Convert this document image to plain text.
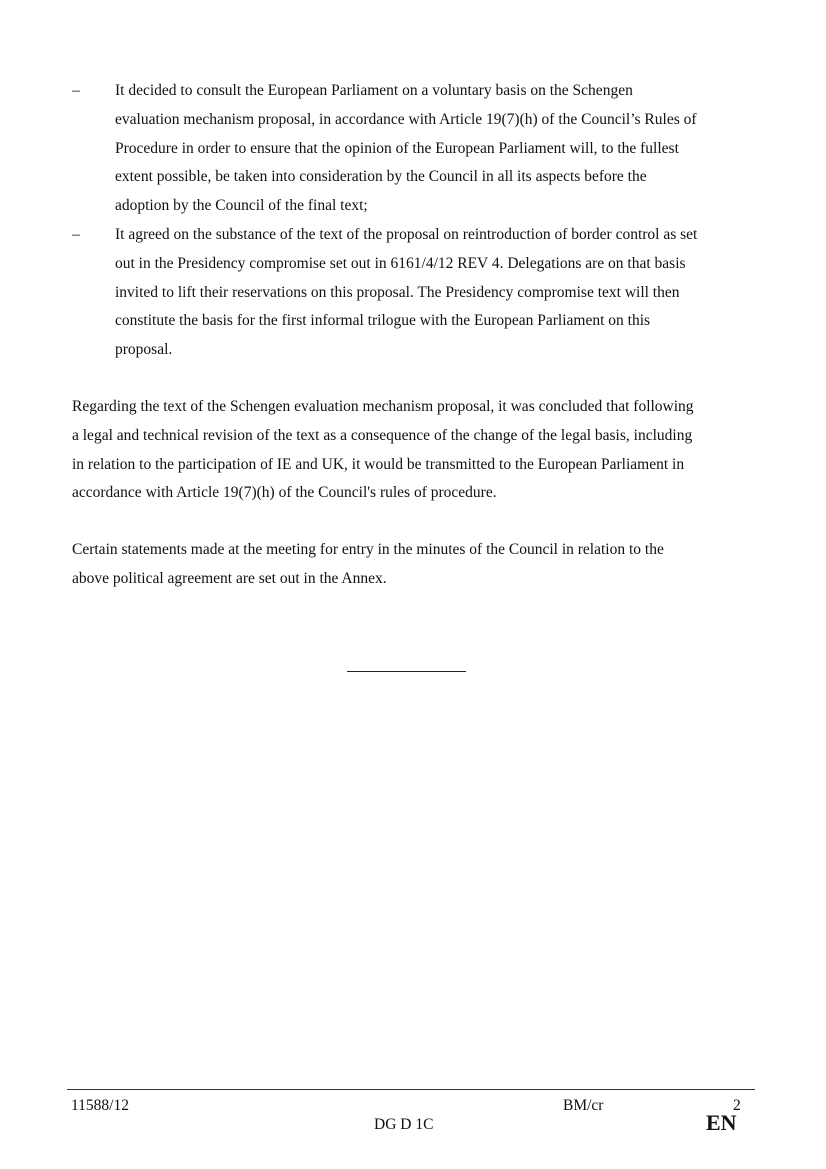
–	It decided to consult the European Parliament on a voluntary basis on the Schengen
evaluation mechanism proposal, in accordance with Article 19(7)(h) of the Council’s Rules of
Procedure in order to ensure that the opinion of the European Parliament will, to the fullest
extent possible, be taken into consideration by the Council in all its aspects before the
adoption by the Council of the final text;
–	It agreed on the substance of the text of the proposal on reintroduction of border control as set
out in the Presidency compromise set out in 6161/4/12 REV 4. Delegations are on that basis
invited to lift their reservations on this proposal. The Presidency compromise text will then
constitute the basis for the first informal trilogue with the European Parliament on this
proposal.
Regarding the text of the Schengen evaluation mechanism proposal, it was concluded that following
a legal and technical revision of the text as a consequence of the change of the legal basis, including
in relation to the participation of IE and UK, it would be transmitted to the European Parliament in
accordance with Article 19(7)(h) of the Council's rules of procedure.
Certain statements made at the meeting for entry in the minutes of the Council in relation to the
above political agreement are set out in the Annex.
11588/12	BM/cr	2
DG D 1C	EN
